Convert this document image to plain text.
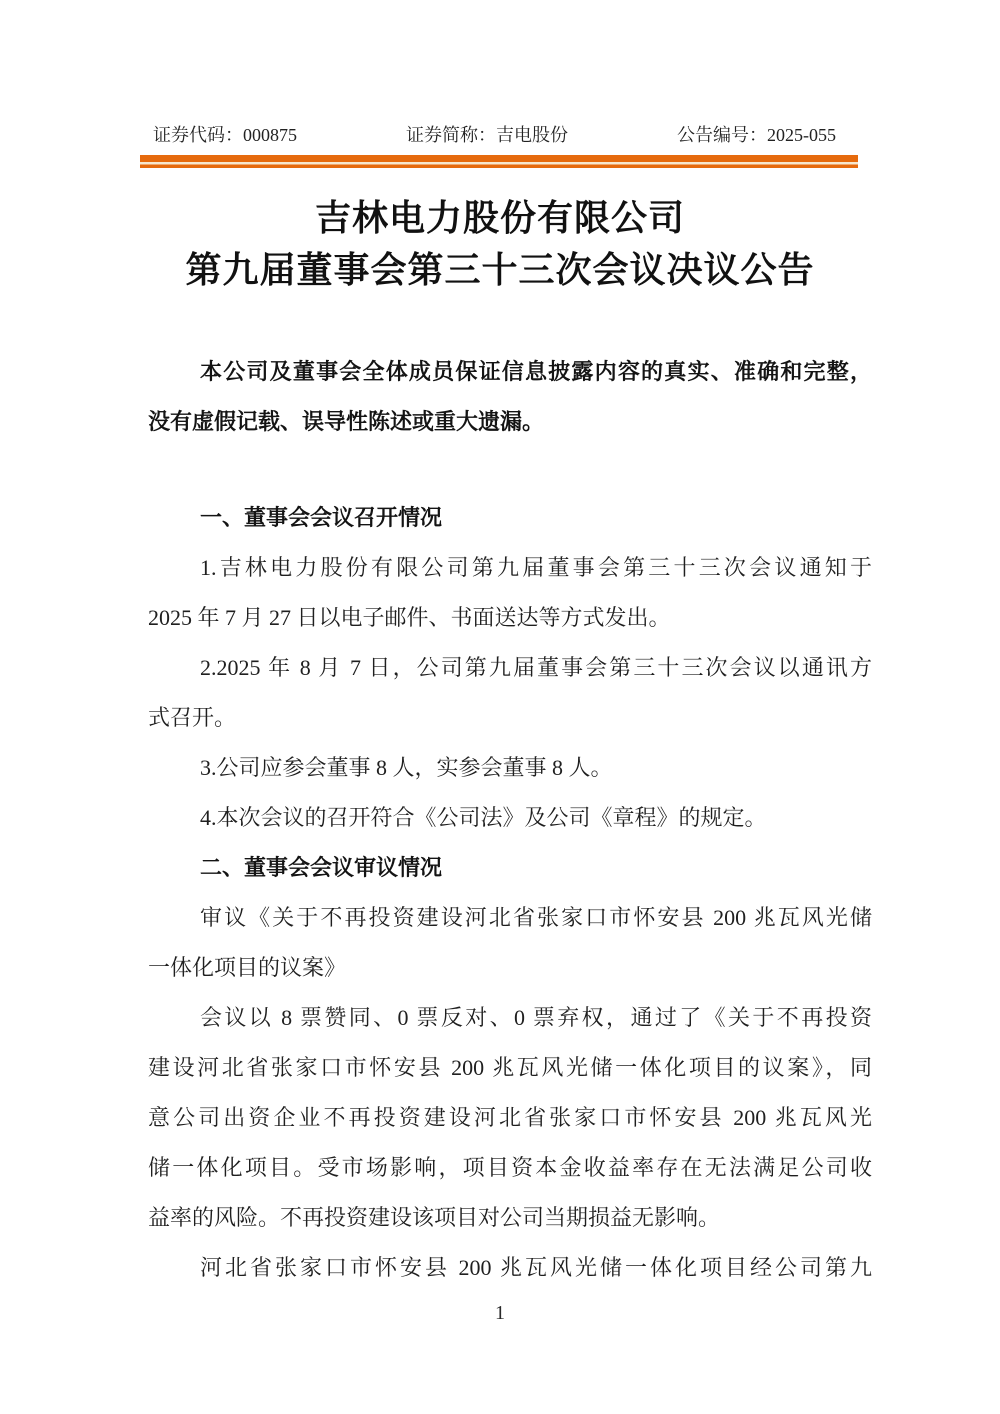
证券代码：000875	证券简称：吉电股份	公告编号：2025-055
吉林电力股份有限公司
第九届董事会第三十三次会议决议公告
本公司及董事会全体成员保证信息披露内容的真实、准确和完整，
没有虚假记载、误导性陈述或重大遗漏。
一、董事会会议召开情况
1.吉林电力股份有限公司第九届董事会第三十三次会议通知于
2025 年 7 月 27 日以电子邮件、书面送达等方式发出。
2.2025 年 8 月 7 日，公司第九届董事会第三十三次会议以通讯方
式召开。
3.公司应参会董事 8 人，实参会董事 8 人。
4.本次会议的召开符合《公司法》及公司《章程》的规定。
二、董事会会议审议情况
审议《关于不再投资建设河北省张家口市怀安县 200 兆瓦风光储
一体化项目的议案》
会议以 8 票赞同、0 票反对、0 票弃权，通过了《关于不再投资
建设河北省张家口市怀安县 200 兆瓦风光储一体化项目的议案》，同
意公司出资企业不再投资建设河北省张家口市怀安县 200 兆瓦风光
储一体化项目。受市场影响，项目资本金收益率存在无法满足公司收
益率的风险。不再投资建设该项目对公司当期损益无影响。
河北省张家口市怀安县 200 兆瓦风光储一体化项目经公司第九
1
